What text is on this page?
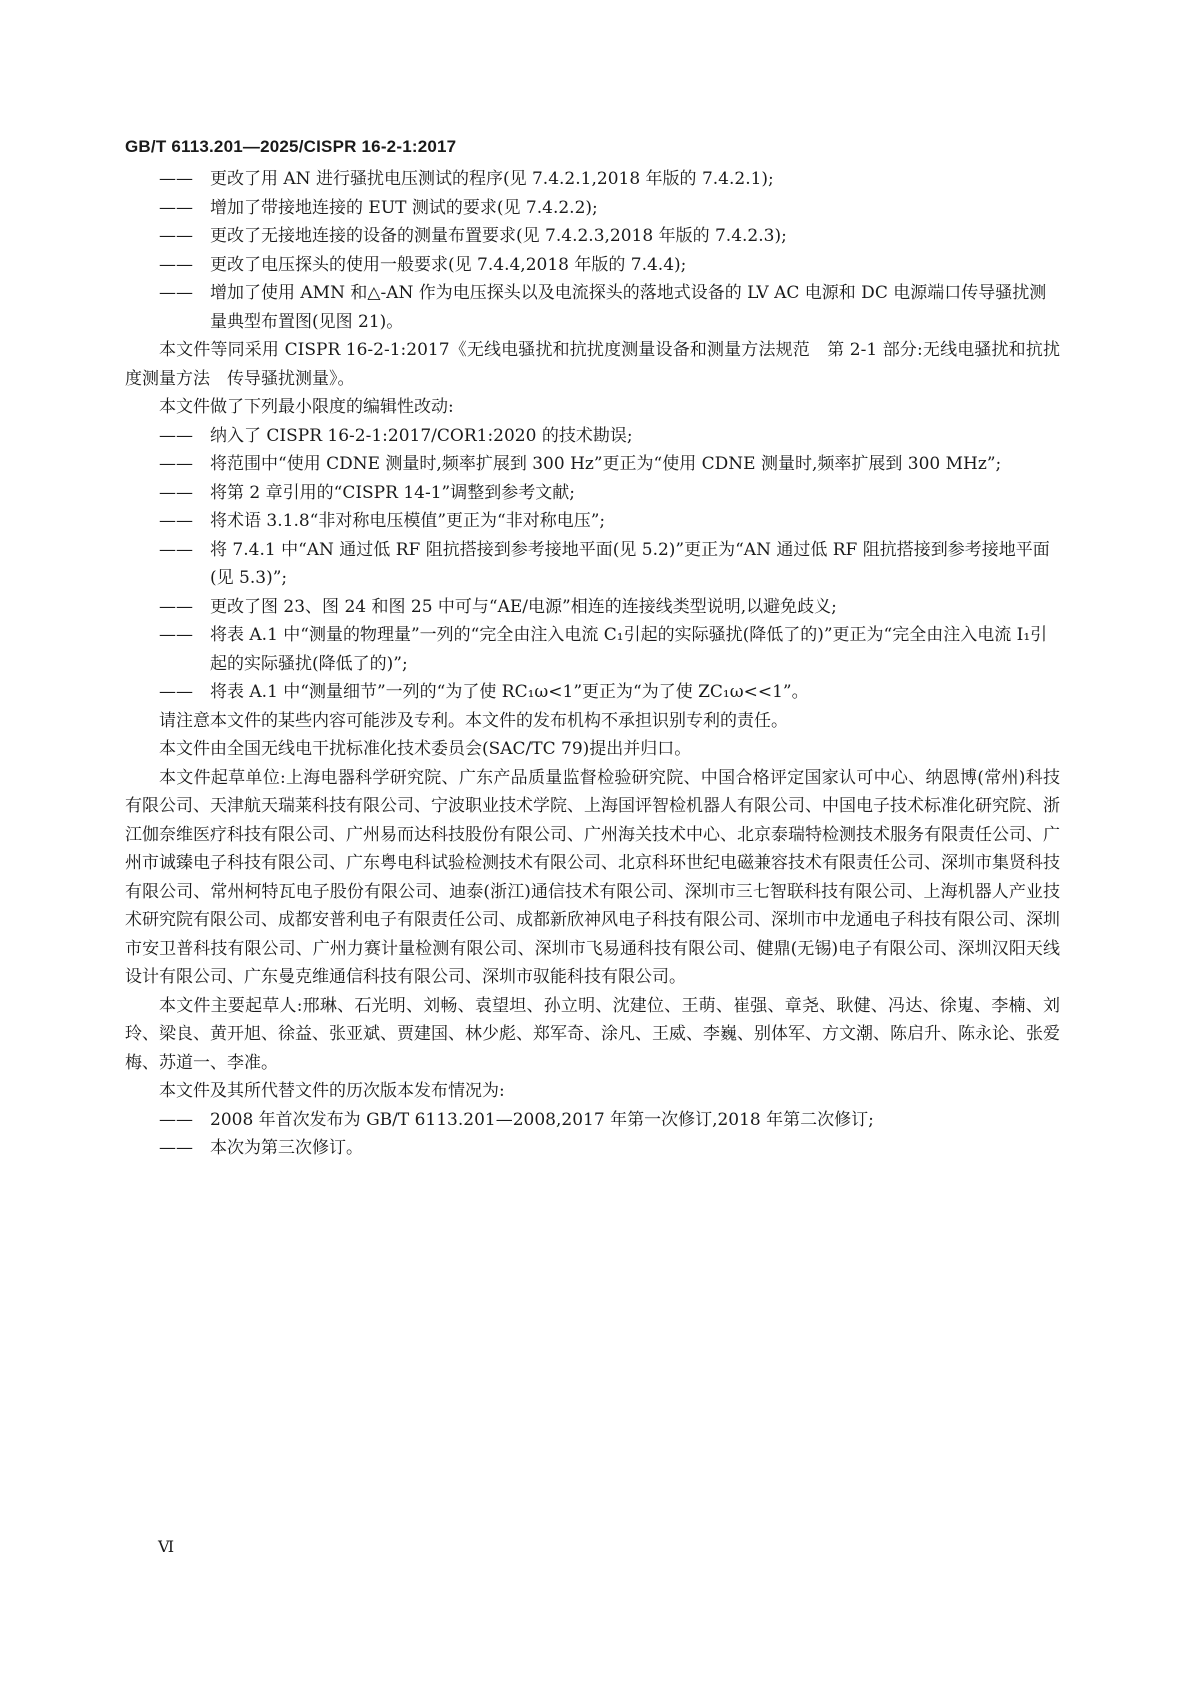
GB/T 6113.201—2025/CISPR 16-2-1:2017

—— 更改了用 AN 进行骚扰电压测试的程序(见 7.4.2.1,2018 年版的 7.4.2.1);

—— 增加了带接地连接的 EUT 测试的要求(见 7.4.2.2);

—— 更改了无接地连接的设备的测量布置要求(见 7.4.2.3,2018 年版的 7.4.2.3);

—— 更改了电压探头的使用一般要求(见 7.4.4,2018 年版的 7.4.4);

—— 增加了使用 AMN 和△-AN 作为电压探头以及电流探头的落地式设备的 LV AC 电源和 DC 电源端口传导骚扰测量典型布置图(见图 21)。

本文件等同采用 CISPR 16-2-1:2017《无线电骚扰和抗扰度测量设备和测量方法规范　第 2-1 部分:无线电骚扰和抗扰度测量方法　传导骚扰测量》。

本文件做了下列最小限度的编辑性改动:

—— 纳入了 CISPR 16-2-1:2017/COR1:2020 的技术勘误;

—— 将范围中“使用 CDNE 测量时,频率扩展到 300 Hz”更正为“使用 CDNE 测量时,频率扩展到 300 MHz”;

—— 将第 2 章引用的“CISPR 14-1”调整到参考文献;

—— 将术语 3.1.8“非对称电压模值”更正为“非对称电压”;

—— 将 7.4.1 中“AN 通过低 RF 阻抗搭接到参考接地平面(见 5.2)”更正为“AN 通过低 RF 阻抗搭接到参考接地平面(见 5.3)”;

—— 更改了图 23、图 24 和图 25 中可与“AE/电源”相连的连接线类型说明,以避免歧义;

—— 将表 A.1 中“测量的物理量”一列的“完全由注入电流 C₁引起的实际骚扰(降低了的)”更正为“完全由注入电流 I₁引起的实际骚扰(降低了的)”;

—— 将表 A.1 中“测量细节”一列的“为了使 RC₁ω<1”更正为“为了使 ZC₁ω<<1”。

请注意本文件的某些内容可能涉及专利。本文件的发布机构不承担识别专利的责任。

本文件由全国无线电干扰标准化技术委员会(SAC/TC 79)提出并归口。

本文件起草单位:上海电器科学研究院、广东产品质量监督检验研究院、中国合格评定国家认可中心、纳恩博(常州)科技有限公司、天津航天瑞莱科技有限公司、宁波职业技术学院、上海国评智检机器人有限公司、中国电子技术标准化研究院、浙江伽奈维医疗科技有限公司、广州易而达科技股份有限公司、广州海关技术中心、北京泰瑞特检测技术服务有限责任公司、广州市诚臻电子科技有限公司、广东粤电科试验检测技术有限公司、北京科环世纪电磁兼容技术有限责任公司、深圳市集贤科技有限公司、常州柯特瓦电子股份有限公司、迪泰(浙江)通信技术有限公司、深圳市三七智联科技有限公司、上海机器人产业技术研究院有限公司、成都安普利电子有限责任公司、成都新欣神风电子科技有限公司、深圳市中龙通电子科技有限公司、深圳市安卫普科技有限公司、广州力赛计量检测有限公司、深圳市飞易通科技有限公司、健鼎(无锡)电子有限公司、深圳汉阳天线设计有限公司、广东曼克维通信科技有限公司、深圳市驭能科技有限公司。

本文件主要起草人:邢琳、石光明、刘畅、袁望坦、孙立明、沈建位、王萌、崔强、章尧、耿健、冯达、徐嵬、李楠、刘玲、梁良、黄开旭、徐益、张亚斌、贾建国、林少彪、郑军奇、涂凡、王威、李巍、别体军、方文潮、陈启升、陈永论、张爱梅、苏道一、李准。

本文件及其所代替文件的历次版本发布情况为:

—— 2008 年首次发布为 GB/T 6113.201—2008,2017 年第一次修订,2018 年第二次修订;

—— 本次为第三次修订。

Ⅵ
